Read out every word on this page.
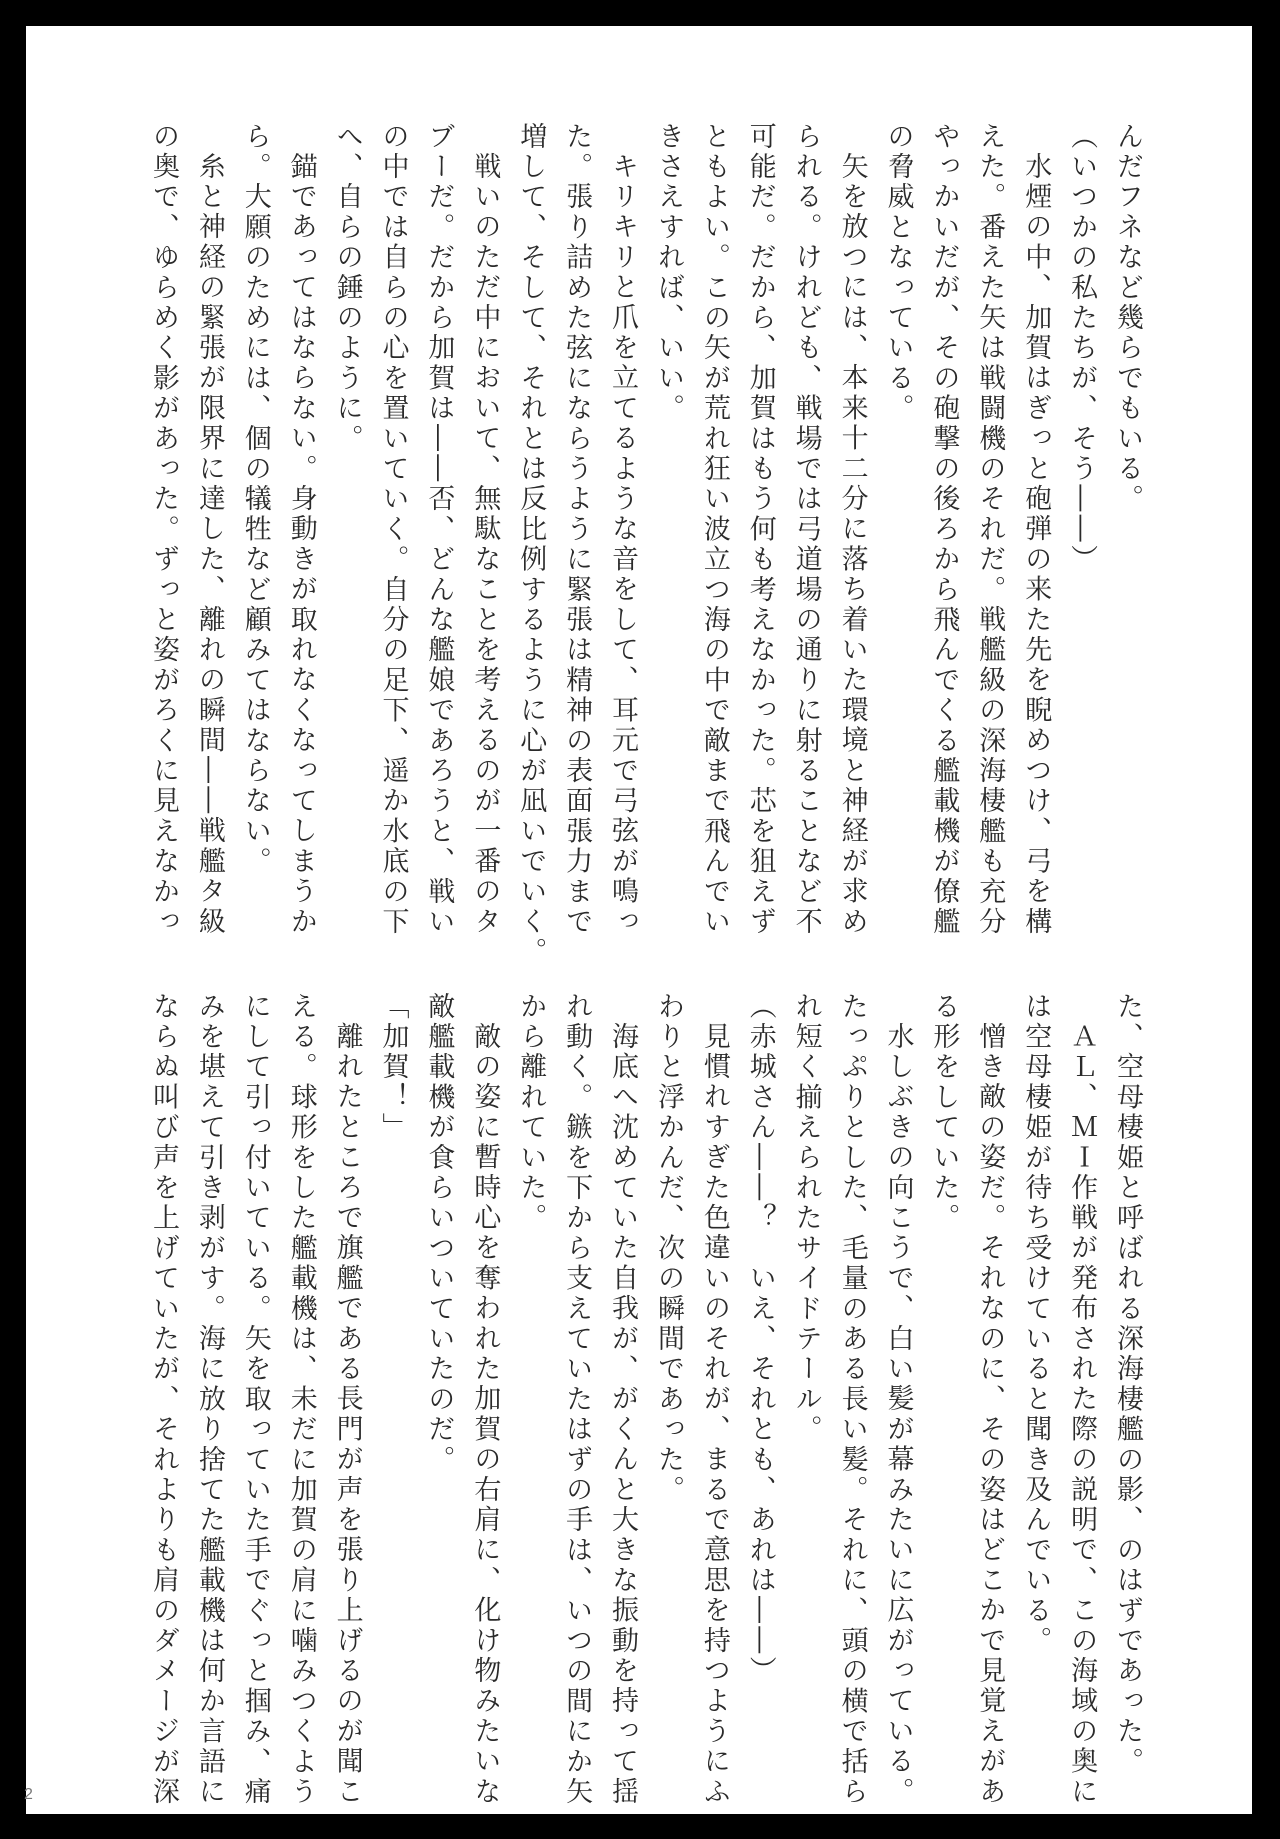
んだフネなど幾らでもいる。
（いつかの私たちが、そう――）
水煙の中、加賀はぎっと砲弾の来た先を睨めつけ、弓を構
えた。番えた矢は戦闘機のそれだ。戦艦級の深海棲艦も充分
やっかいだが、その砲撃の後ろから飛んでくる艦載機が僚艦
の脅威となっている。
矢を放つには、本来十二分に落ち着いた環境と神経が求め
られる。けれども、戦場では弓道場の通りに射ることなど不
可能だ。だから、加賀はもう何も考えなかった。芯を狙えず
ともよい。この矢が荒れ狂い波立つ海の中で敵まで飛んでい
きさえすれば、いい。
キリキリと爪を立てるような音をして、耳元で弓弦が鳴っ
た。張り詰めた弦にならうように緊張は精神の表面張力まで
増して、そして、それとは反比例するように心が凪いでいく。
戦いのただ中において、無駄なことを考えるのが一番のタ
ブーだ。だから加賀は――否、どんな艦娘であろうと、戦い
の中では自らの心を置いていく。自分の足下、遥か水底の下
へ、自らの錘のように。
錨であってはならない。身動きが取れなくなってしまうか
ら。大願のためには、個の犠牲など顧みてはならない。
糸と神経の緊張が限界に達した、離れの瞬間――戦艦タ級
の奥で、ゆらめく影があった。ずっと姿がろくに見えなかっ
た、空母棲姫と呼ばれる深海棲艦の影、のはずであった。
ＡＬ、ＭＩ作戦が発布された際の説明で、この海域の奥に
は空母棲姫が待ち受けていると聞き及んでいる。
憎き敵の姿だ。それなのに、その姿はどこかで見覚えがあ
る形をしていた。
水しぶきの向こうで、白い髪が幕みたいに広がっている。
たっぷりとした、毛量のある長い髪。それに、頭の横で括ら
れ短く揃えられたサイドテール。
（赤城さん――？　いえ、それとも、あれは――）
見慣れすぎた色違いのそれが、まるで意思を持つようにふ
わりと浮かんだ、次の瞬間であった。
海底へ沈めていた自我が、がくんと大きな振動を持って揺
れ動く。鏃を下から支えていたはずの手は、いつの間にか矢
から離れていた。
敵の姿に暫時心を奪われた加賀の右肩に、化け物みたいな
敵艦載機が食らいついていたのだ。
「加賀！」
離れたところで旗艦である長門が声を張り上げるのが聞こ
える。球形をした艦載機は、未だに加賀の肩に噛みつくよう
にして引っ付いている。矢を取っていた手でぐっと掴み、痛
みを堪えて引き剥がす。海に放り捨てた艦載機は何か言語に
ならぬ叫び声を上げていたが、それよりも肩のダメージが深
2
